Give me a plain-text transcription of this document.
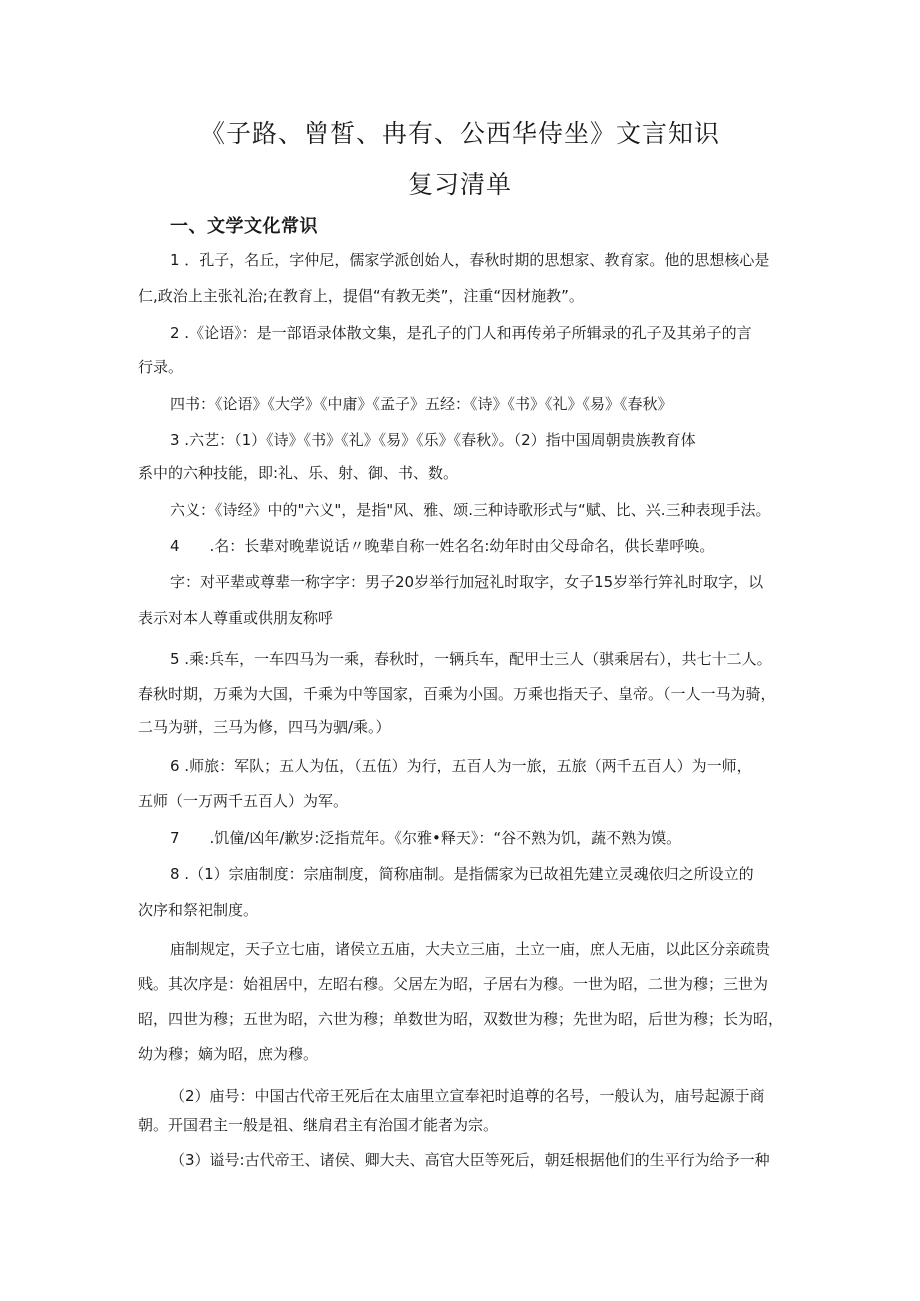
《子路、曾皙、冉有、公西华侍坐》文言知识
复习清单
一、文学文化常识
1 ．孔子，名丘，字仲尼，儒家学派创始人，春秋时期的思想家、教育家。他的思想核心是
仁,政治上主张礼治;在教育上，提倡“有教无类”，注重“因材施教”。
2 .《论语》：是一部语录体散文集，是孔子的门人和再传弟子所辑录的孔子及其弟子的言
行录。
四书：《论语》《大学》《中庸》《孟子》五经：《诗》《书》《礼》《易》《春秋》
3 .六艺：（1）《诗》《书》《礼》《易》《乐》《春秋》。（2）指中国周朝贵族教育体
系中的六种技能，即:礼、乐、射、御、书、数。
六义：《诗经》中的"六义"，是指"风、雅、颂.三种诗歌形式与“赋、比、兴.三种表现手法。
4　　.名：长辈对晚辈说话〃晚辈自称一姓名名:幼年时由父母命名，供长辈呼唤。
字：对平辈或尊辈一称字字：男子20岁举行加冠礼时取字，女子15岁举行笄礼时取字，以
表示对本人尊重或供朋友称呼
5 .乘:兵车，一车四马为一乘，春秋时，一辆兵车，配甲士三人（骐乘居右），共七十二人。
春秋时期，万乘为大国，千乘为中等国家，百乘为小国。万乘也指天子、皇帝。（一人一马为骑，
二马为骈，三马为修，四马为驷/乘。）
6 .师旅：军队；五人为伍，（五伍）为行，五百人为一旅，五旅（两千五百人）为一师，
五师（一万两千五百人）为军。
7　　.饥僮/凶年/歉岁:泛指荒年。《尔雅•释天》：“谷不熟为饥，蔬不熟为馍。
8 .（1）宗庙制度：宗庙制度，简称庙制。是指儒家为已故祖先建立灵魂依归之所设立的
次序和祭祀制度。
庙制规定，天子立七庙，诸侯立五庙，大夫立三庙，土立一庙，庶人无庙，以此区分亲疏贵
贱。其次序是：始祖居中，左昭右穆。父居左为昭，子居右为穆。一世为昭，二世为穆；三世为
昭，四世为穆；五世为昭，六世为穆；单数世为昭，双数世为穆；先世为昭，后世为穆；长为昭，
幼为穆；嫡为昭，庶为穆。
（2）庙号：中国古代帝王死后在太庙里立宣奉祀时追尊的名号，一般认为，庙号起源于商
朝。开国君主一般是祖、继肩君主有治国才能者为宗。
（3）谥号:古代帝王、诸侯、卿大夫、高官大臣等死后，朝廷根据他们的生平行为给予一种
